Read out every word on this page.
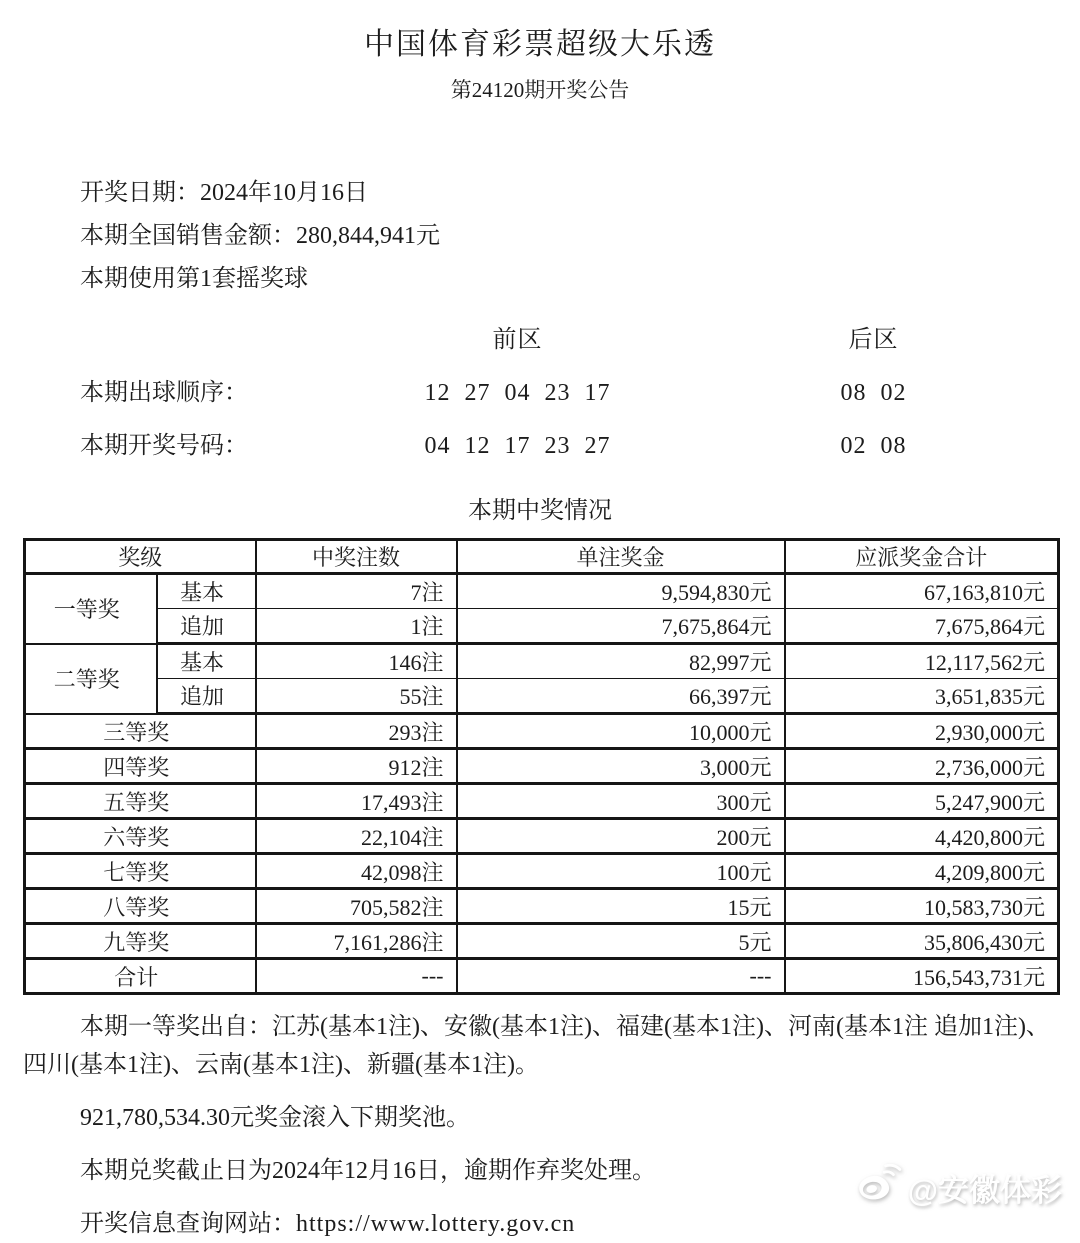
中国体育彩票超级大乐透
第24120期开奖公告
开奖日期：2024年10月16日
本期全国销售金额：280,844,941元
本期使用第1套摇奖球
前区	后区
本期出球顺序：	12 27 04 23 17	08 02
本期开奖号码：	04 12 17 23 27	02 08
本期中奖情况
奖级		中奖注数	单注奖金	应派奖金合计
一等奖	基本	7注	9,594,830元	67,163,810元
	追加	1注	7,675,864元	7,675,864元
二等奖	基本	146注	82,997元	12,117,562元
	追加	55注	66,397元	3,651,835元
三等奖		293注	10,000元	2,930,000元
四等奖		912注	3,000元	2,736,000元
五等奖		17,493注	300元	5,247,900元
六等奖		22,104注	200元	4,420,800元
七等奖		42,098注	100元	4,209,800元
八等奖		705,582注	15元	10,583,730元
九等奖		7,161,286注	5元	35,806,430元
合计		---	---	156,543,731元

本期一等奖出自：江苏(基本1注)、安徽(基本1注)、福建(基本1注)、河南(基本1注 追加1注)、四川(基本1注)、云南(基本1注)、新疆(基本1注)。

921,780,534.30元奖金滚入下期奖池。

本期兑奖截止日为2024年12月16日，逾期作弃奖处理。

开奖信息查询网站：https://www.lottery.gov.cn

@安徽体彩
